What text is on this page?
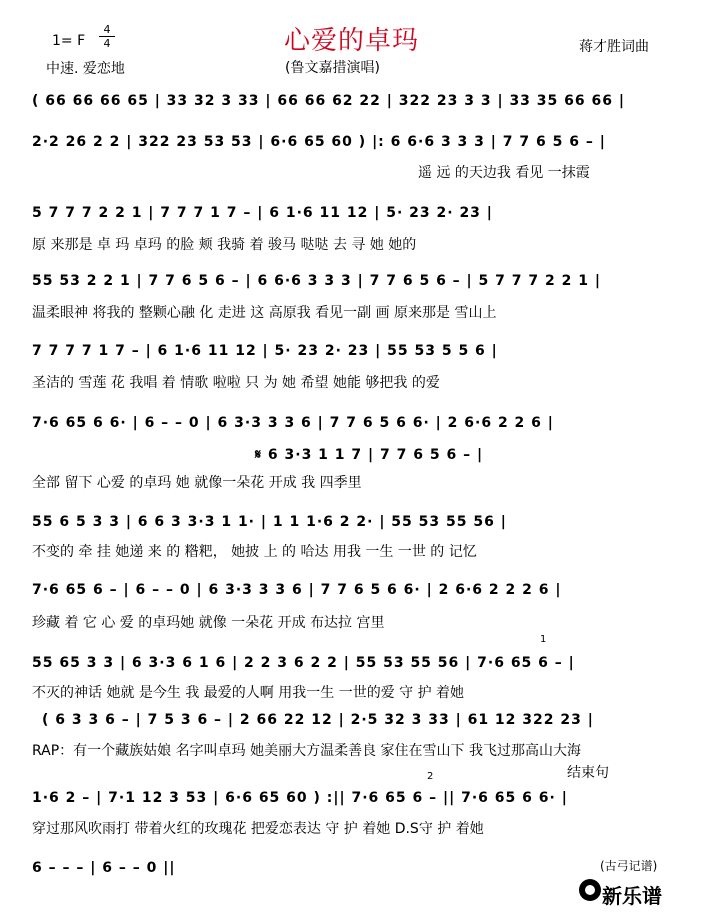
心爱的卓玛
1= F
4
4
中速. 爱恋地	(鲁文嘉措演唱)
蒋才胜词曲
( 66 66 66 65 | 33 32 3 33 | 66 66 62 22 | 322 23 3 3 | 33 35 66 66 |
2·2 26 2 2 | 322 23 53 53 | 6·6 65 60 ) |: 6 6·6 3 3 3 | 7 7 6 5 6 – |
遥 远 的天边我 看见 一抹霞
5 7 7 7 2 2 1 | 7 7 7 1 7 – | 6 1·6 11 12 | 5· 23 2· 23 |
原 来那是 卓 玛 卓玛 的脸 颊 我骑 着 骏马 哒哒 去 寻 她 她的
55 53 2 2 1 | 7 7 6 5 6 – | 6 6·6 3 3 3 | 7 7 6 5 6 – | 5 7 7 7 2 2 1 |
温柔眼神 将我的 整颗心融 化 走进 这 高原我 看见一副 画 原来那是 雪山上
7 7 7 7 1 7 – | 6 1·6 11 12 | 5· 23 2· 23 | 55 53 5 5 6 |
圣洁的 雪莲 花 我唱 着 情歌 啦啦 只 为 她 希望 她能 够把我 的爱
7·6 65 6 6· | 6 – – 0 | 6 3·3 3 3 6 | 7 7 6 5 6 6· | 2 6·6 2 2 6 |
𝄋 6 3·3 1 1 7 | 7 7 6 5 6 – |
全部 留下 心爱 的卓玛 她 就像一朵花 开成 我 四季里
55 6 5 3 3 | 6 6 3 3·3 1 1· | 1 1 1·6 2 2· | 55 53 55 56 |
不变的 牵 挂 她递 来 的 糌粑， 她披 上 的 哈达 用我 一生 一世 的 记忆
7·6 65 6 – | 6 – – 0 | 6 3·3 3 3 6 | 7 7 6 5 6 6· | 2 6·6 2 2 2 6 |
珍藏 着 它 心 爱 的卓玛她 就像 一朵花 开成 布达拉 宫里
1
55 65 3 3 | 6 3·3 6 1 6 | 2 2 3 6 2 2 | 55 53 55 56 | 7·6 65 6 – |
不灭的神话 她就 是今生 我 最爱的人啊 用我一生 一世的爱 守 护 着她
( 6 3 3 6 – | 7 5 3 6 – | 2 66 22 12 | 2·5 32 3 33 | 61 12 322 23 |
RAP：有一个藏族姑娘 名字叫卓玛 她美丽大方温柔善良 家住在雪山下 我飞过那高山大海
2	结束句
1·6 2 – | 7·1 12 3 53 | 6·6 65 60 ) :|| 7·6 65 6 – || 7·6 65 6 6· |
穿过那风吹雨打 带着火红的玫瑰花 把爱恋表达 守 护 着她 D.S守 护 着她
6 – – – | 6 – – 0 ||	(古弓记谱)
新乐谱
